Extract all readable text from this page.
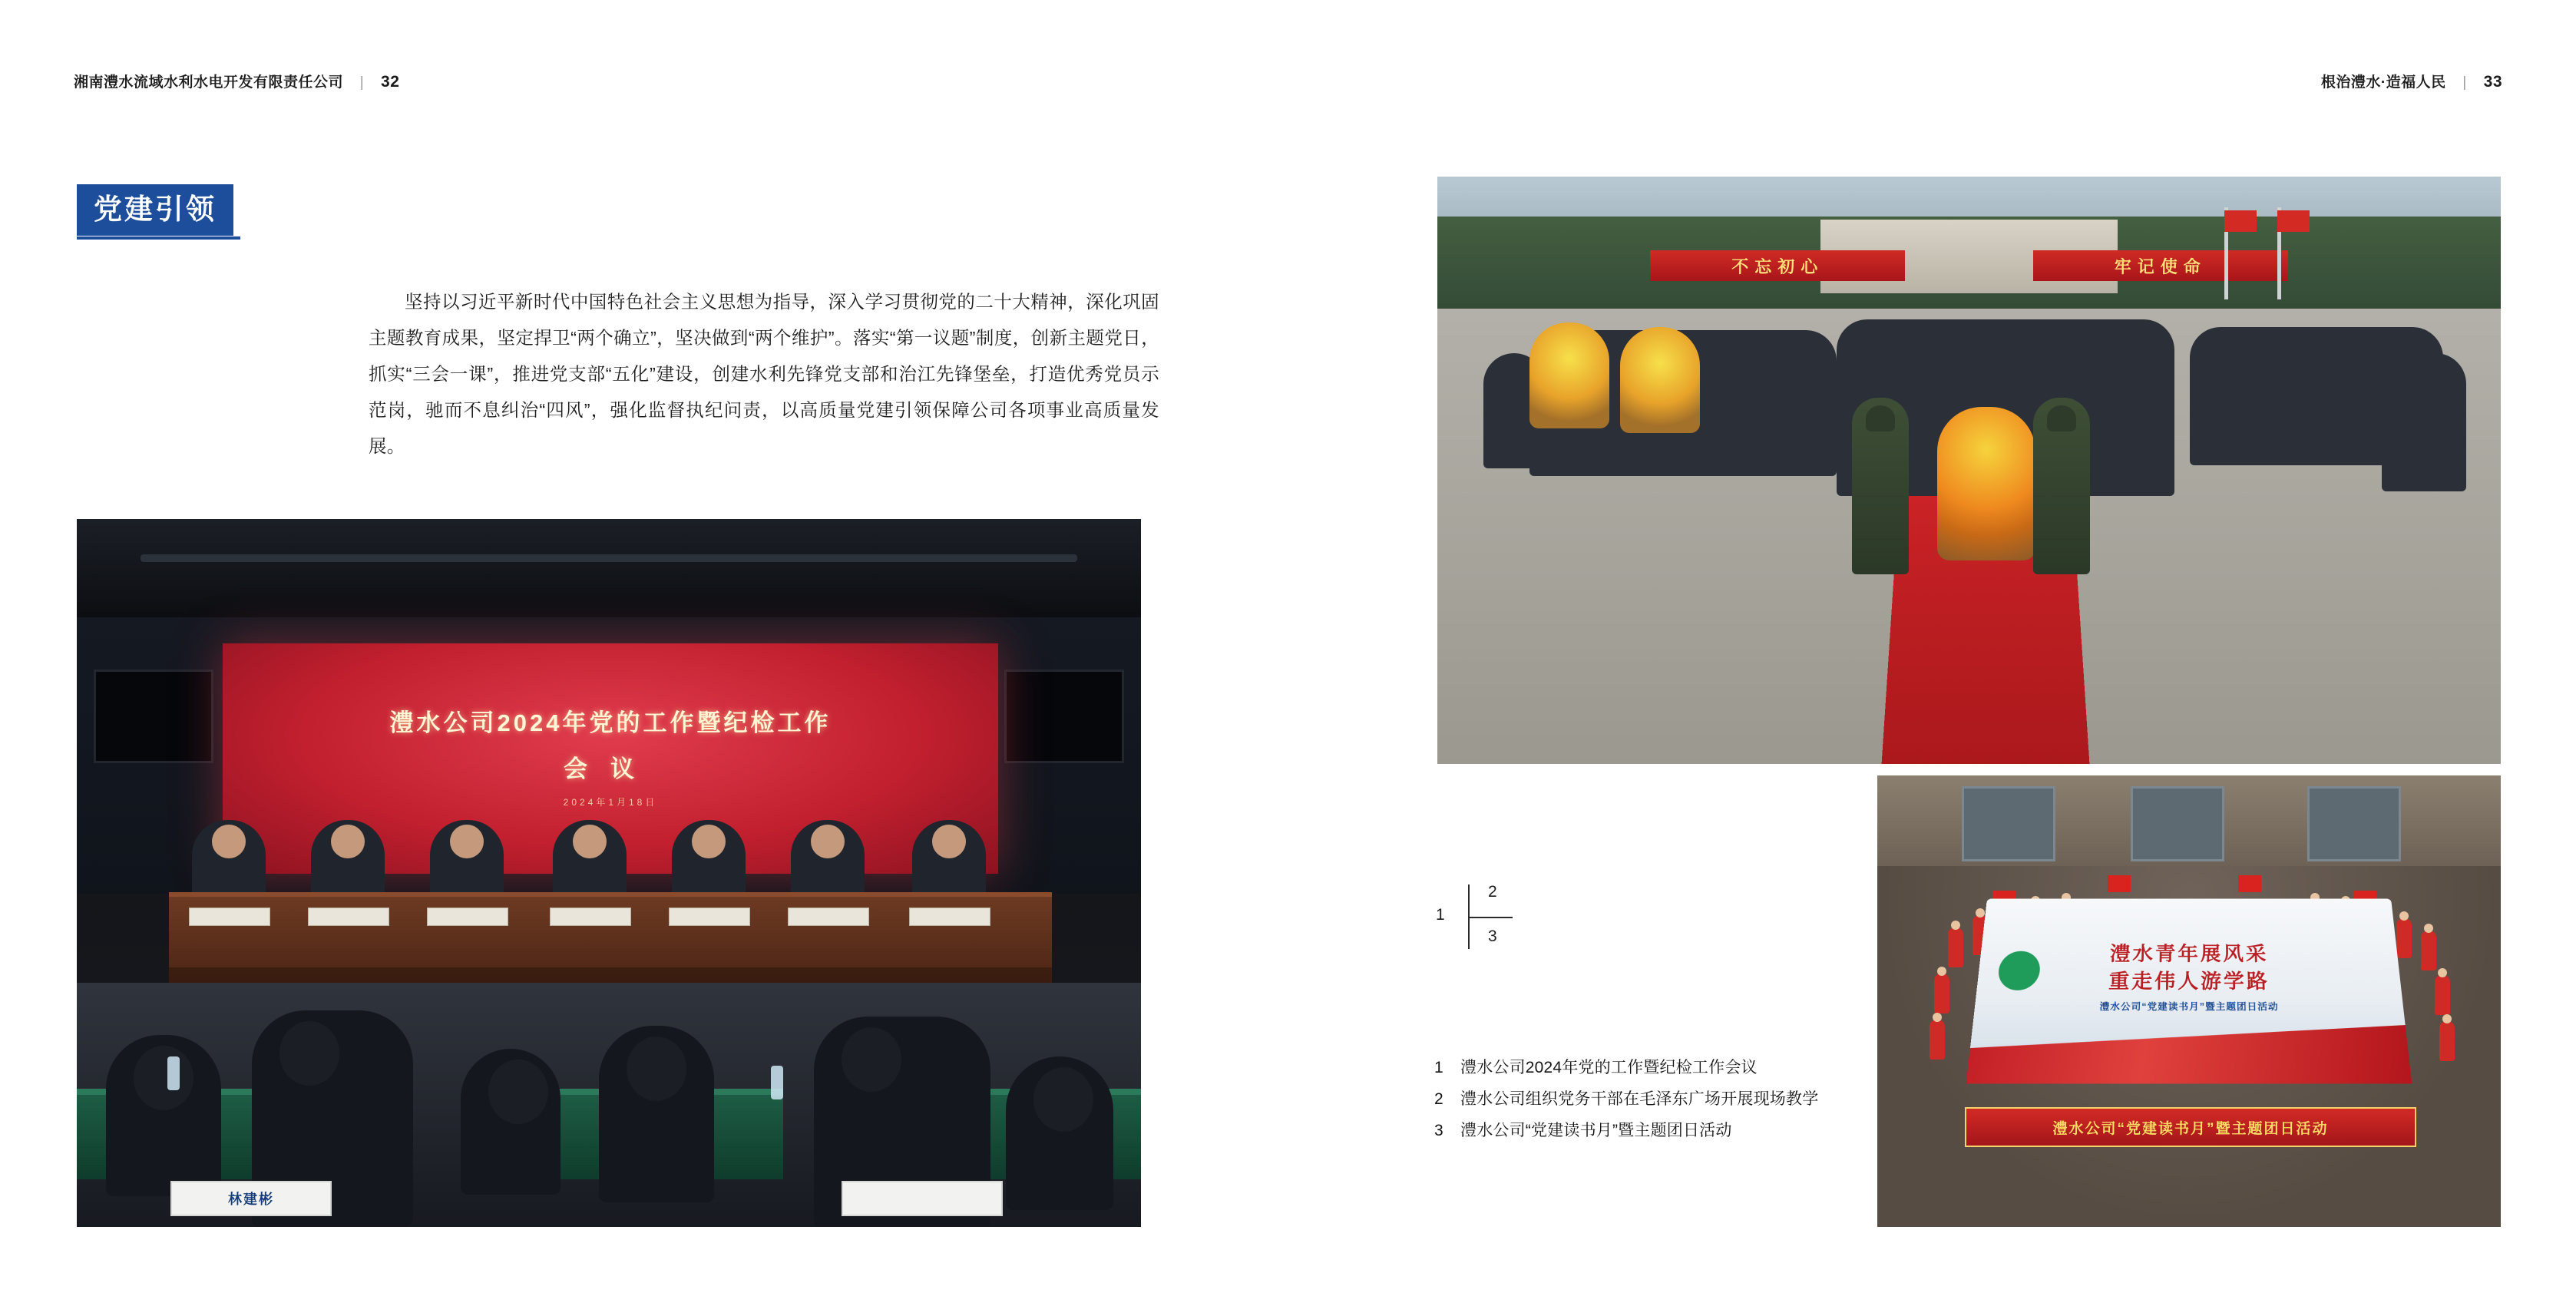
湘南澧水流域水利水电开发有限责任公司 | 32	根治澧水·造福人民 | 33
党建引领
坚持以习近平新时代中国特色社会主义思想为指导，深入学习贯彻党的二十大精神，深化巩固主题教育成果，坚定捍卫“两个确立”，坚决做到“两个维护”。落实“第一议题”制度，创新主题党日，抓实“三会一课”，推进党支部“五化”建设，创建水利先锋党支部和治江先锋堡垒，打造优秀党员示范岗，驰而不息纠治“四风”，强化监督执纪问责，以高质量党建引领保障公司各项事业高质量发展。
澧水公司2024年党的工作暨纪检工作
会议
2024年1月18日
林建彬
不忘初心	牢记使命
澧水青年展风采
重走伟人游学路
澧水公司“党建读书月”暨主题团日活动
澧水公司“党建读书月”暨主题团日活动
1
2
3
1	澧水公司2024年党的工作暨纪检工作会议
2	澧水公司组织党务干部在毛泽东广场开展现场教学
3	澧水公司“党建读书月”暨主题团日活动
